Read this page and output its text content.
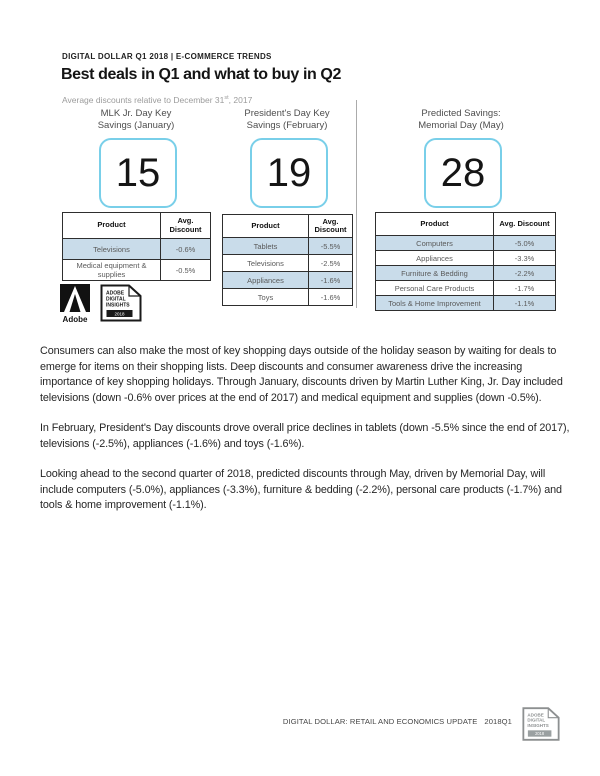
DIGITAL DOLLAR Q1 2018 | E-COMMERCE TRENDS
Best deals in Q1 and what to buy in Q2
Average discounts relative to December 31st, 2017
MLK Jr. Day Key
Savings (January)
President's Day Key
Savings (February)
Predicted Savings:
Memorial Day (May)
15	19	28
Product	Avg. Discount
Televisions	-0.6%
Medical equipment & supplies	-0.5%
Product	Avg. Discount
Tablets	-5.5%
Televisions	-2.5%
Appliances	-1.6%
Toys	-1.6%
Product	Avg. Discount
Computers	-5.0%
Appliances	-3.3%
Furniture & Bedding	-2.2%
Personal Care Products	-1.7%
Tools & Home Improvement	-1.1%
Adobe
ADOBE
DIGITAL
INSIGHTS
2018

Consumers can also make the most of key shopping days outside of the holiday season by waiting for deals to emerge for items on their shopping lists. Deep discounts and consumer awareness drive the increasing importance of key shopping holidays. Through January, discounts driven by Martin Luther King, Jr. Day included televisions (down -0.6% over prices at the end of 2017) and medical equipment and supplies (down -0.5%).

In February, President's Day discounts drove overall price declines in tablets (down -5.5% since the end of 2017), televisions (-2.5%), appliances (-1.6%) and toys (-1.6%).

Looking ahead to the second quarter of 2018, predicted discounts through May, driven by Memorial Day, will include computers (-5.0%), appliances (-3.3%), furniture & bedding (-2.2%), personal care products (-1.7%) and tools & home improvement (-1.1%).

DIGITAL DOLLAR: RETAIL AND ECONOMICS UPDATE 2018Q1
ADOBE
DIGITAL
INSIGHTS
2018
